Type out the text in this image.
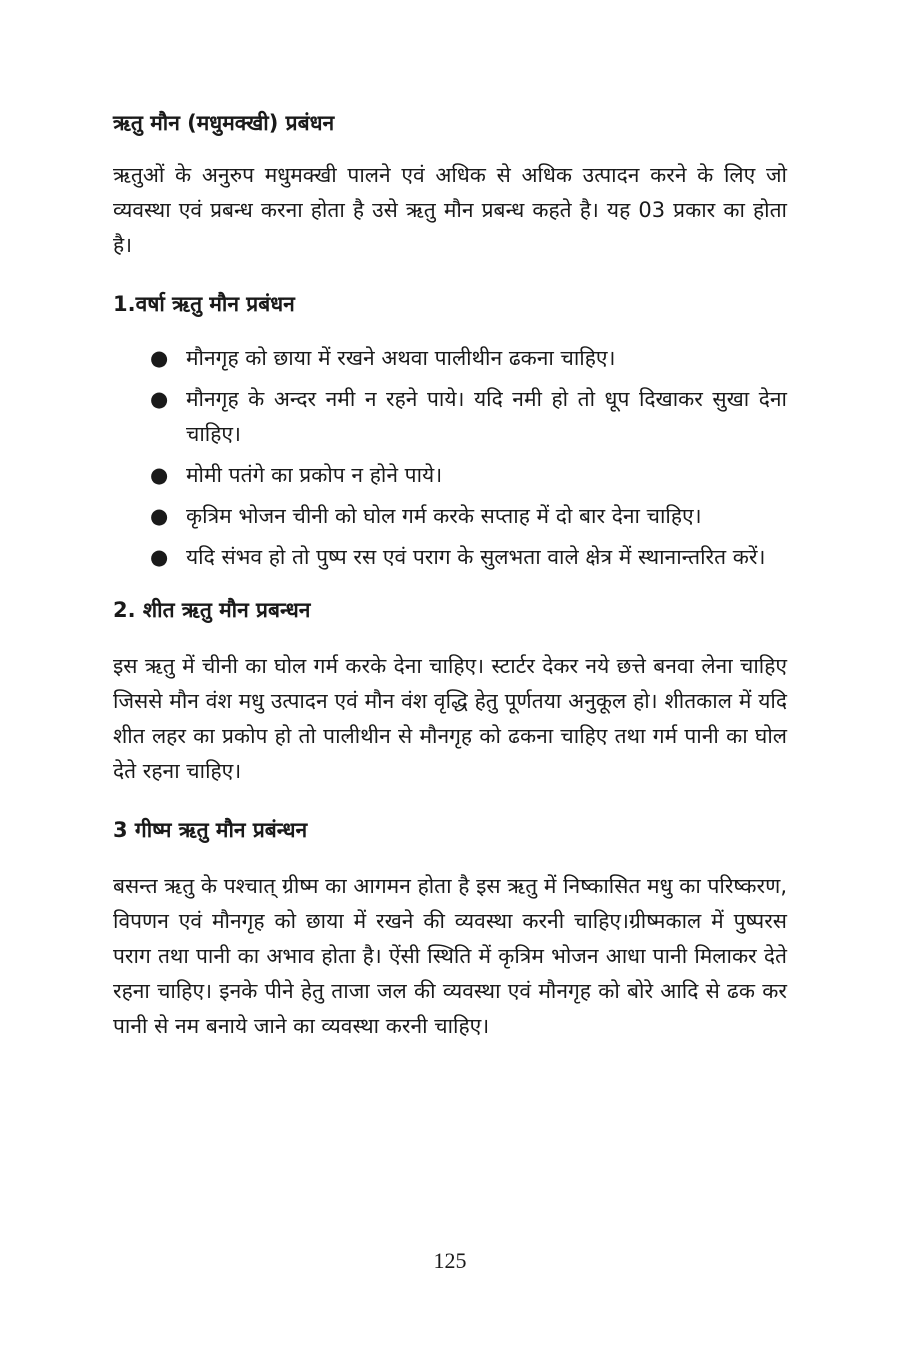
ऋतु मौन (मधुमक्खी) प्रबंधन

ऋतुओं के अनुरुप मधुमक्खी पालने एवं अधिक से अधिक उत्पादन करने के लिए जो व्यवस्था एवं प्रबन्ध करना होता है उसे ऋतु मौन प्रबन्ध कहते है। यह 03 प्रकार का होता है।

1.वर्षा ऋतु मौन प्रबंधन
● मौनगृह को छाया में रखने अथवा पालीथीन ढकना चाहिए।
● मौनगृह के अन्दर नमी न रहने पाये। यदि नमी हो तो धूप दिखाकर सुखा देना चाहिए।
● मोमी पतंगे का प्रकोप न होने पाये।
● कृत्रिम भोजन चीनी को घोल गर्म करके सप्ताह में दो बार देना चाहिए।
● यदि संभव हो तो पुष्प रस एवं पराग के सुलभता वाले क्षेत्र में स्थानान्तरित करें।
2. शीत ऋतु मौन प्रबन्धन

इस ऋतु में चीनी का घोल गर्म करके देना चाहिए। स्टार्टर देकर नये छत्ते बनवा लेना चाहिए जिससे मौन वंश मधु उत्पादन एवं मौन वंश वृद्धि हेतु पूर्णतया अनुकूल हो। शीतकाल में यदि शीत लहर का प्रकोप हो तो पालीथीन से मौनगृह को ढकना चाहिए तथा गर्म पानी का घोल देते रहना चाहिए।

3 गीष्म ऋतु मौन प्रबंन्धन

बसन्त ऋतु के पश्चात् ग्रीष्म का आगमन होता है इस ऋतु में निष्कासित मधु का परिष्करण, विपणन एवं मौनगृह को छाया में रखने की व्यवस्था करनी चाहिए।ग्रीष्मकाल में पुष्परस पराग तथा पानी का अभाव होता है। ऐंसी स्थिति में कृत्रिम भोजन आधा पानी मिलाकर देते रहना चाहिए। इनके पीने हेतु ताजा जल की व्यवस्था एवं मौनगृह को बोरे आदि से ढक कर पानी से नम बनाये जाने का व्यवस्था करनी चाहिए।

125
